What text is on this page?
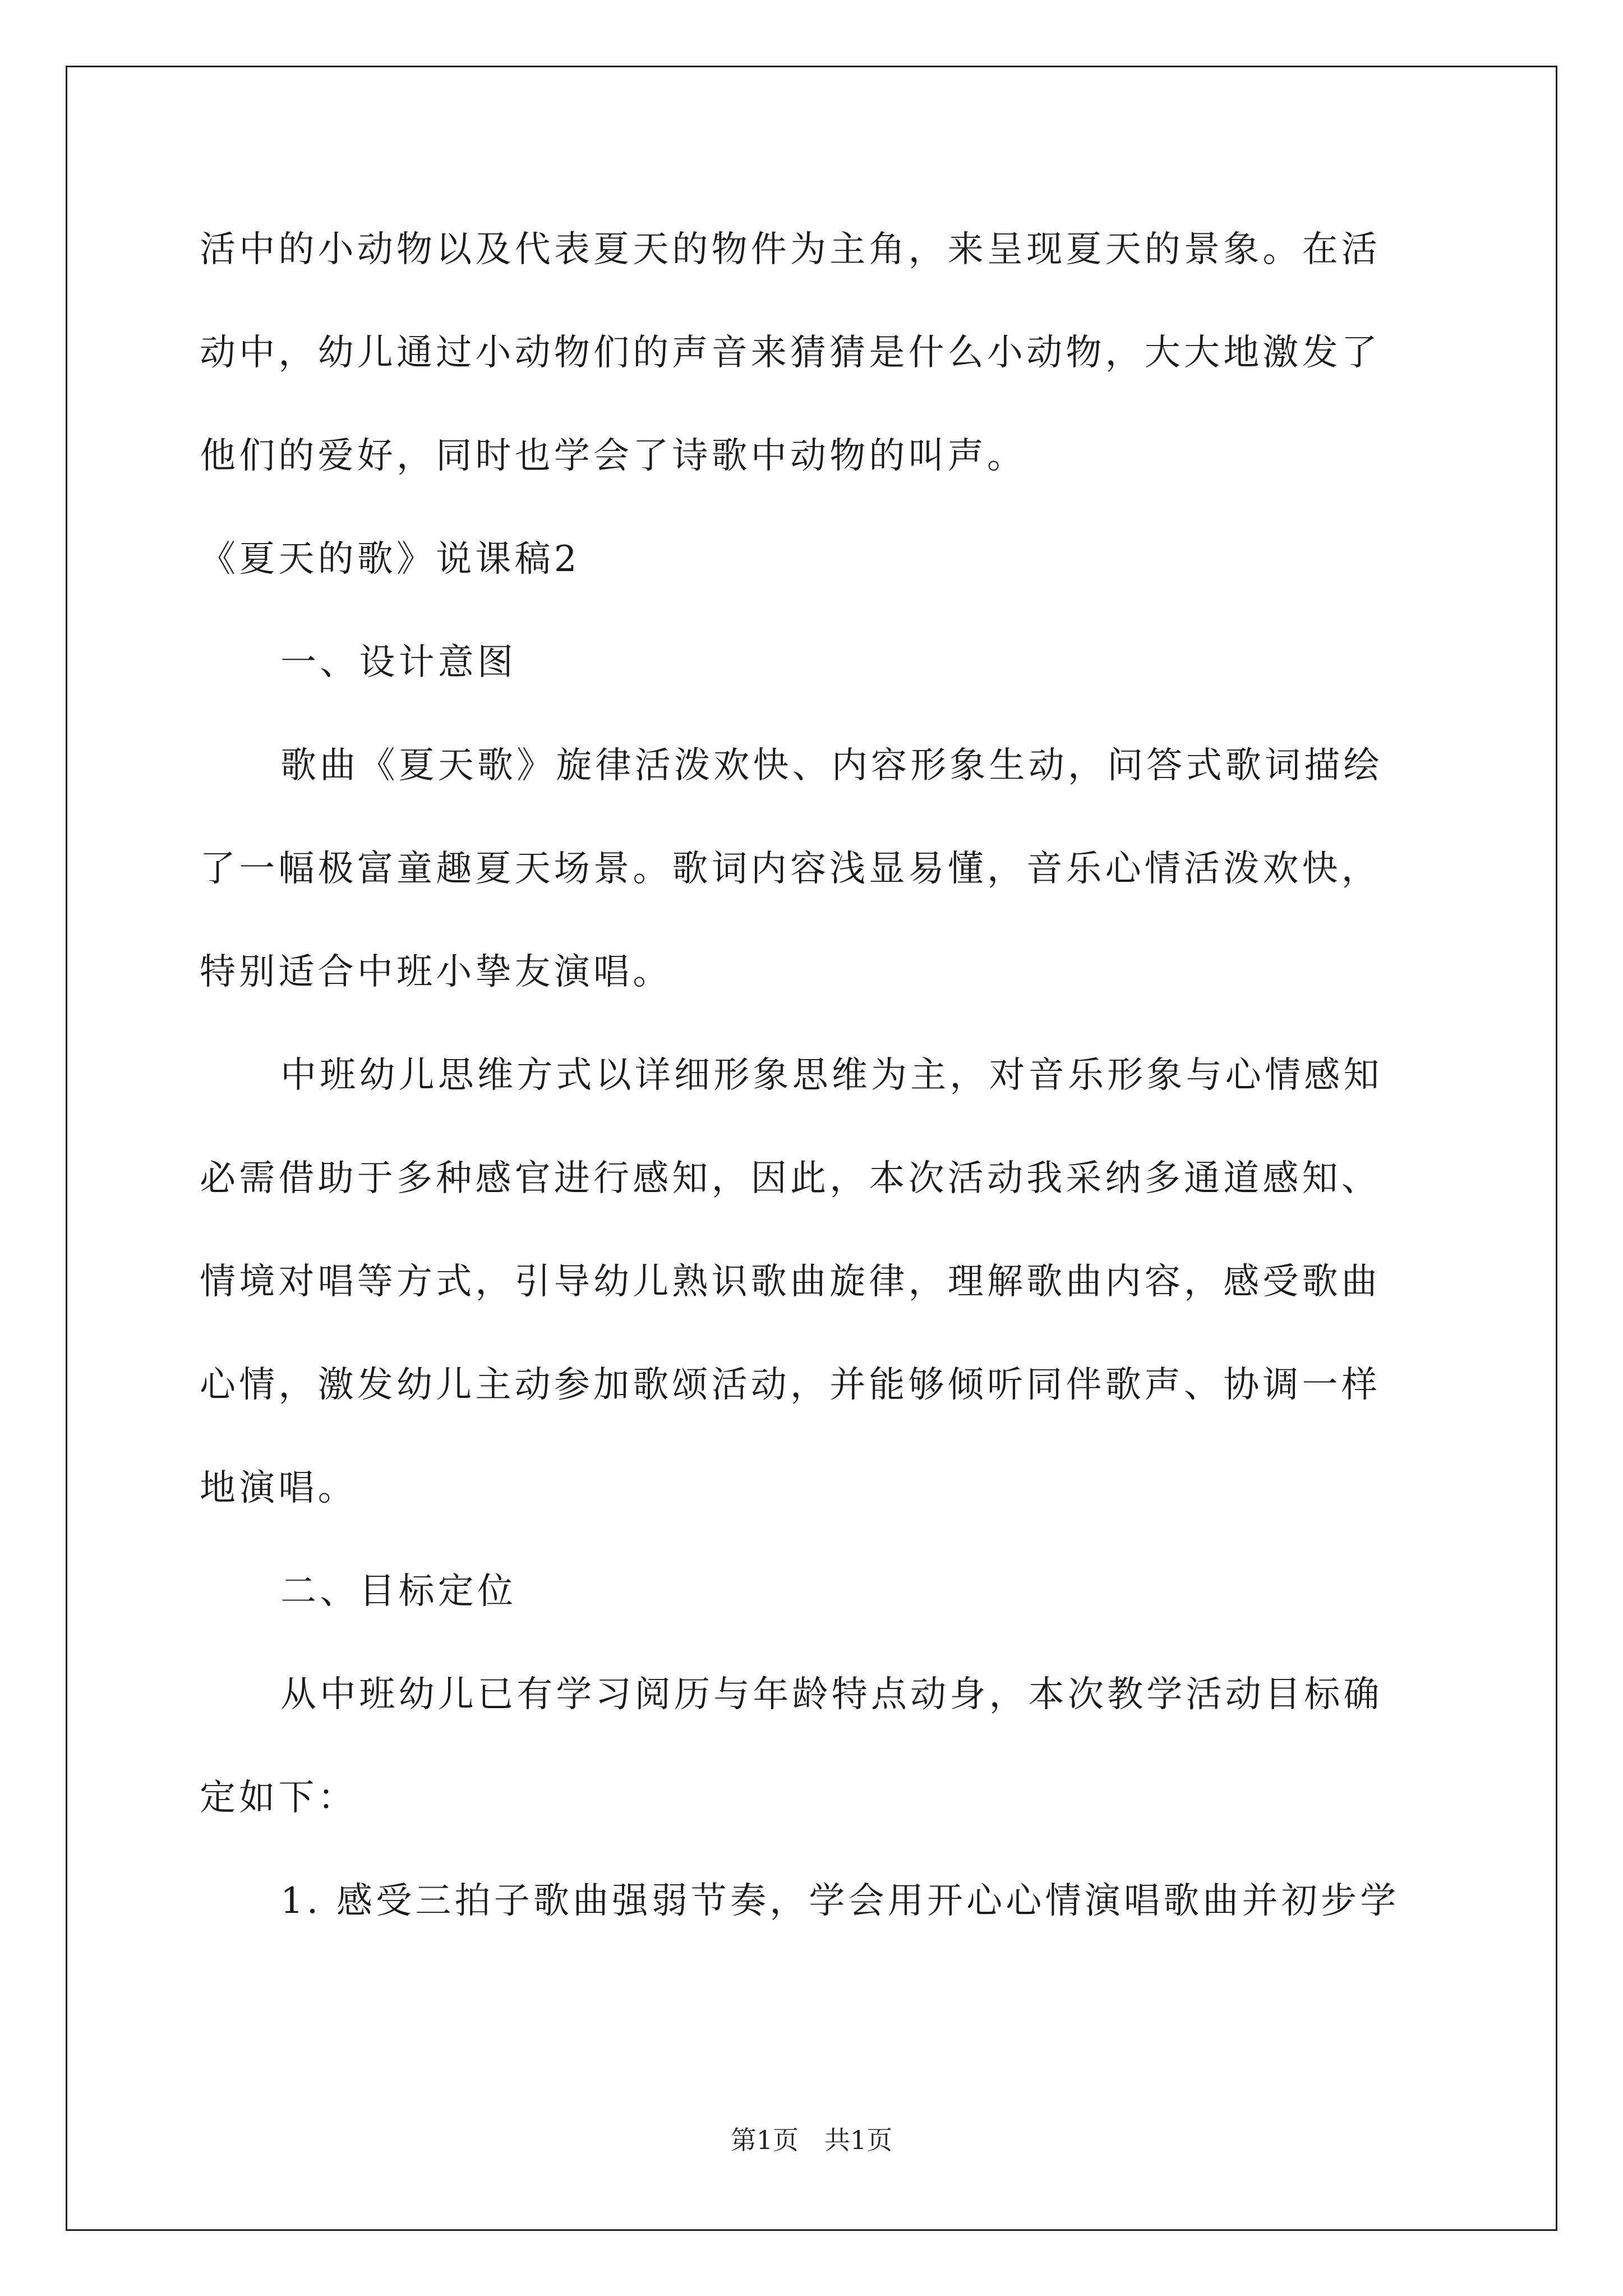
活中的小动物以及代表夏天的物件为主角，来呈现夏天的景象。在活
动中，幼儿通过小动物们的声音来猜猜是什么小动物，大大地激发了
他们的爱好，同时也学会了诗歌中动物的叫声。
《夏天的歌》说课稿2
一、设计意图
歌曲《夏天歌》旋律活泼欢快、内容形象生动，问答式歌词描绘
了一幅极富童趣夏天场景。歌词内容浅显易懂，音乐心情活泼欢快，
特别适合中班小挚友演唱。
中班幼儿思维方式以详细形象思维为主，对音乐形象与心情感知
必需借助于多种感官进行感知，因此，本次活动我采纳多通道感知、
情境对唱等方式，引导幼儿熟识歌曲旋律，理解歌曲内容，感受歌曲
心情，激发幼儿主动参加歌颂活动，并能够倾听同伴歌声、协调一样
地演唱。
二、目标定位
从中班幼儿已有学习阅历与年龄特点动身，本次教学活动目标确
定如下：
1. 感受三拍子歌曲强弱节奏，学会用开心心情演唱歌曲并初步学
第1页　共1页
